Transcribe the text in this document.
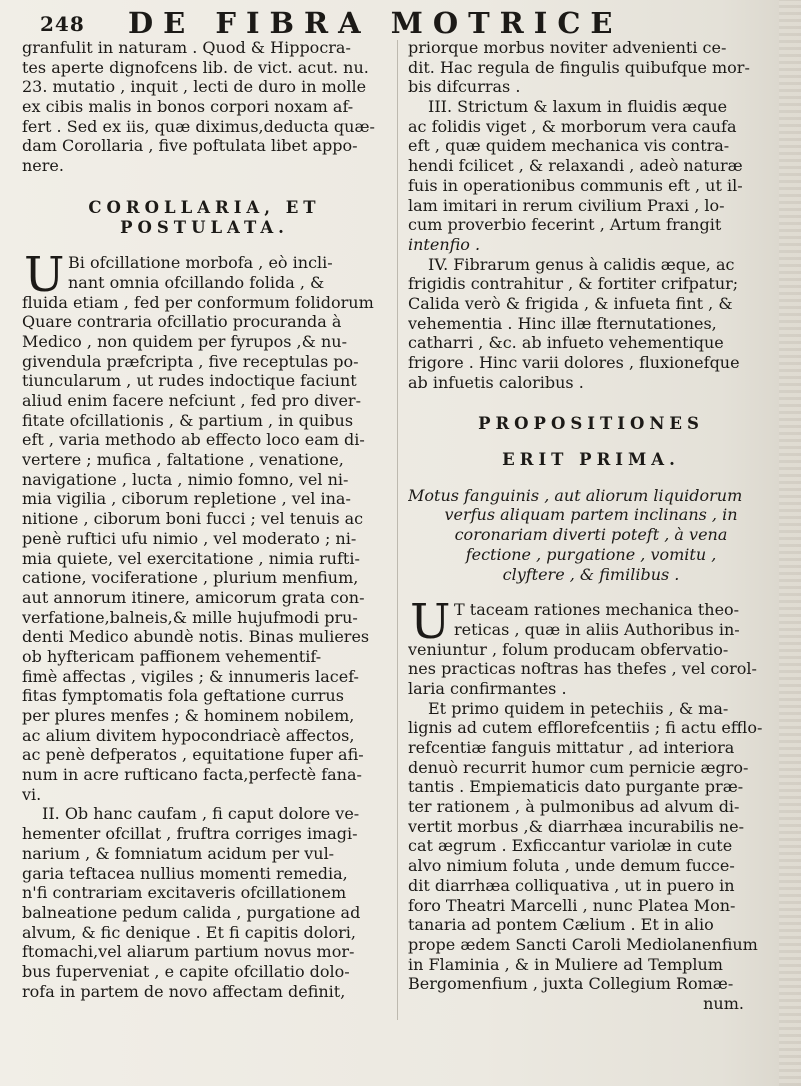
248 DE FIBRA MOTRICE
granfulit in naturam . Quod & Hippocra-
tes aperte dignofcens lib. de vict. acut. nu.
23. mutatio , inquit , lecti de duro in molle
ex cibis malis in bonos corpori noxam af-
fert . Sed ex iis, quæ diximus,deducta quæ-
dam Corollaria , five poftulata libet appo-
nere.
COROLLARIA, ET
POSTULATA.
U Bi ofcillatione morbofa , eò incli-
nant omnia ofcillando folida , &
fluida etiam , fed per conformum folidorum
Quare contraria ofcillatio procuranda à
Medico , non quidem per fyrupos ,& nu-
givendula præfcripta , five receptulas po-
tiuncularum , ut rudes indoctique faciunt
aliud enim facere nefciunt , fed pro diver-
fitate ofcillationis , & partium , in quibus
eft , varia methodo ab effecto loco eam di-
vertere ; mufica , faltatione , venatione,
navigatione , lucta , nimio fomno, vel ni-
mia vigilia , ciborum repletione , vel ina-
nitione , ciborum boni fucci ; vel tenuis ac
penè ruftici ufu nimio , vel moderato ; ni-
mia quiete, vel exercitatione , nimia rufti-
catione, vociferatione , plurium menfium,
aut annorum itinere, amicorum grata con-
verfatione,balneis,& mille hujufmodi pru-
denti Medico abundè notis. Binas mulieres
ob hyftericam paffionem vehementif-
fimè affectas , vigiles ; & innumeris lacef-
fitas fymptomatis fola geftatione currus
per plures menfes ; & hominem nobilem,
ac alium divitem hypocondriacè affectos,
ac penè defperatos , equitatione fuper afi-
num in acre rufticano facta,perfectè fana-
vi.
II. Ob hanc caufam , fi caput dolore ve-
hementer ofcillat , fruftra corriges imagi-
narium , & fomniatum acidum per vul-
garia teftacea nullius momenti remedia,
n'fi contrariam excitaveris ofcillationem
balneatione pedum calida , purgatione ad
alvum, & fic denique . Et fi capitis dolori,
ftomachi,vel aliarum partium novus mor-
bus fuperveniat , e capite ofcillatio dolo-
rofa in partem de novo affectam definit,
priorque morbus noviter advenienti ce-
dit. Hac regula de fingulis quibufque mor-
bis difcurras .
III. Strictum & laxum in fluidis æque
ac folidis viget , & morborum vera caufa
eft , quæ quidem mechanica vis contra-
hendi fcilicet , & relaxandi , adeò naturæ
fuis in operationibus communis eft , ut il-
lam imitari in rerum civilium Praxi , lo-
cum proverbio fecerint , Artum frangit
intenfio .
IV. Fibrarum genus à calidis æque, ac
frigidis contrahitur , & fortiter crifpatur;
Calida verò & frigida , & infueta fint , &
vehementia . Hinc illæ fternutationes,
catharri , &c. ab infueto vehementique
frigore . Hinc varii dolores , fluxionefque
ab infuetis caloribus .
PROPOSITIONES
ERIT PRIMA.
Motus fanguinis , aut aliorum liquidorum
verfus aliquam partem inclinans , in
coronariam diverti poteft , à vena
fectione , purgatione , vomitu ,
clyftere , & fimilibus .
U T taceam rationes mechanica theo-
reticas , quæ in aliis Authoribus in-
veniuntur , folum producam obfervatio-
nes practicas noftras has thefes , vel corol-
laria confirmantes .
Et primo quidem in petechiis , & ma-
lignis ad cutem efflorefcentiis ; fi actu efflo-
refcentiæ fanguis mittatur , ad interiora
denuò recurrit humor cum pernicie ægro-
tantis . Empiematicis dato purgante præ-
ter rationem , à pulmonibus ad alvum di-
vertit morbus ,& diarrhæa incurabilis ne-
cat ægrum . Exficcantur variolæ in cute
alvo nimium foluta , unde demum fucce-
dit diarrhæa colliquativa , ut in puero in
foro Theatri Marcelli , nunc Platea Mon-
tanaria ad pontem Cælium . Et in alio
prope ædem Sancti Caroli Mediolanenfium
in Flaminia , & in Muliere ad Templum
Bergomenfium , juxta Collegium Romæ-
num.
